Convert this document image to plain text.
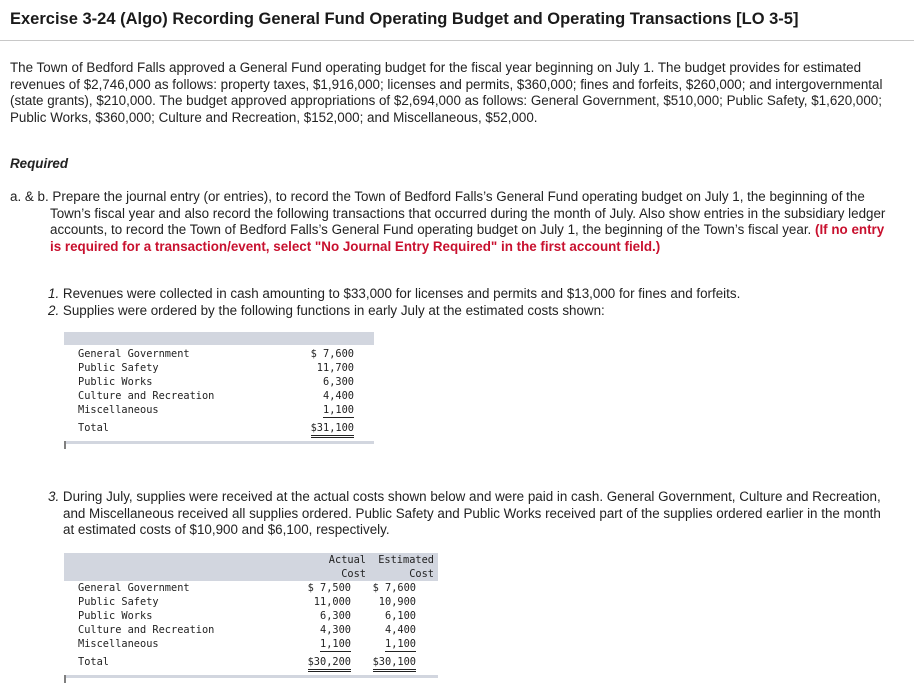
Exercise 3-24 (Algo) Recording General Fund Operating Budget and Operating Transactions [LO 3-5]
The Town of Bedford Falls approved a General Fund operating budget for the fiscal year beginning on July 1. The budget provides for estimated revenues of $2,746,000 as follows: property taxes, $1,916,000; licenses and permits, $360,000; fines and forfeits, $260,000; and intergovernmental (state grants), $210,000. The budget approved appropriations of $2,694,000 as follows: General Government, $510,000; Public Safety, $1,620,000; Public Works, $360,000; Culture and Recreation, $152,000; and Miscellaneous, $52,000.
Required
a. & b. Prepare the journal entry (or entries), to record the Town of Bedford Falls’s General Fund operating budget on July 1, the beginning of the Town’s fiscal year and also record the following transactions that occurred during the month of July. Also show entries in the subsidiary ledger accounts, to record the Town of Bedford Falls’s General Fund operating budget on July 1, the beginning of the Town’s fiscal year. (If no entry is required for a transaction/event, select "No Journal Entry Required" in the first account field.)
1. Revenues were collected in cash amounting to $33,000 for licenses and permits and $13,000 for fines and forfeits.
2. Supplies were ordered by the following functions in early July at the estimated costs shown:
General Government	$ 7,600
Public Safety	11,700
Public Works	6,300
Culture and Recreation	4,400
Miscellaneous	1,100
Total	$31,100
3. During July, supplies were received at the actual costs shown below and were paid in cash. General Government, Culture and Recreation, and Miscellaneous received all supplies ordered. Public Safety and Public Works received part of the supplies ordered earlier in the month at estimated costs of $10,900 and $6,100, respectively.
Actual	Estimated
Cost	Cost
General Government	$ 7,500 $ 7,600
Public Safety	11,000	10,900
Public Works	6,300	6,100
Culture and Recreation	4,300	4,400
Miscellaneous	1,100	1,100
Total	$30,200 $30,100
